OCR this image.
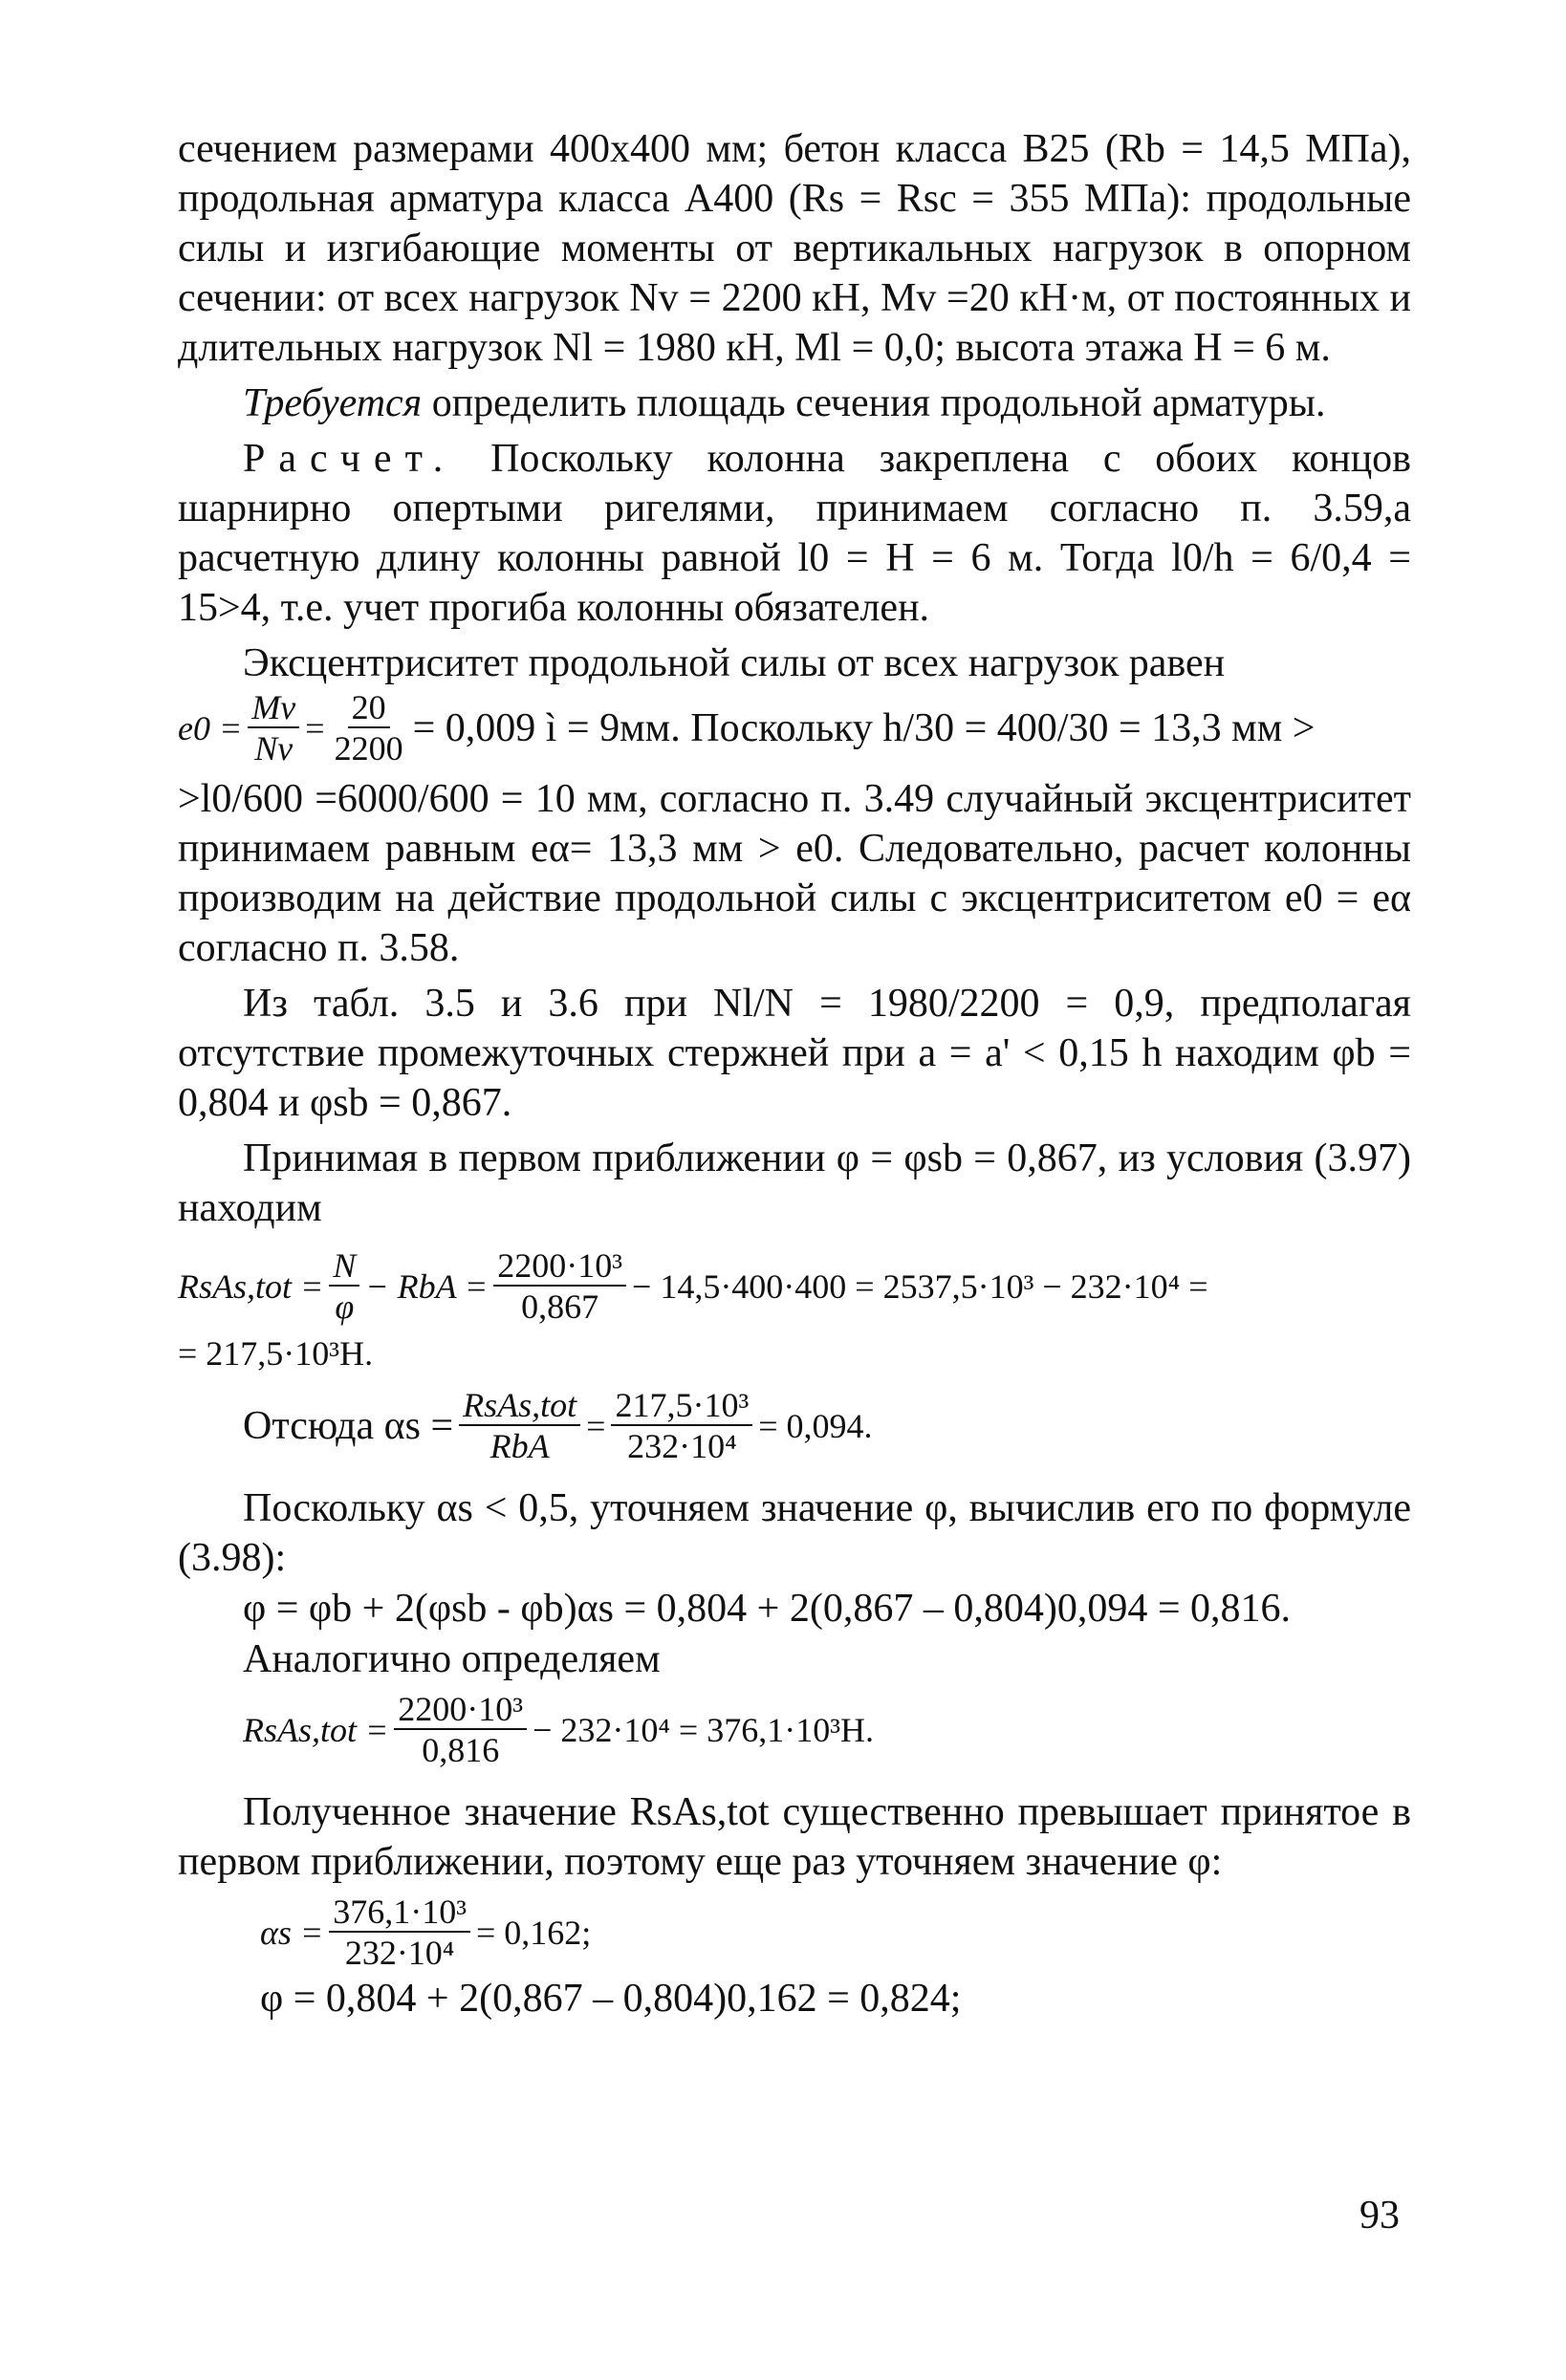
сечением размерами 400х400 мм; бетон класса В25 (Rb = 14,5 МПа), продольная арматура класса А400 (Rs = Rsc = 355 МПа): продольные силы и изгибающие моменты от вертикальных нагрузок в опорном сечении: от всех нагрузок Nv = 2200 кН, Mv =20 кН·м, от постоянных и длительных нагрузок Nl = 1980 кН, Ml = 0,0; высота этажа H = 6 м.

Требуется определить площадь сечения продольной арматуры.

Расчет. Поскольку колонна закреплена с обоих концов шарнирно опертыми ригелями, принимаем согласно п. 3.59,а расчетную длину колонны равной l0 = H = 6 м. Тогда l0/h = 6/0,4 = 15>4, т.е. учет прогиба колонны обязателен.

Эксцентриситет продольной силы от всех нагрузок равен

$e0 = \frac{Mv}{Nv} = \frac{20}{2200} = 0,009$ ì = 9мм. Поскольку h/30 = 400/30 = 13,3 мм >

>l0/600 =6000/600 = 10 мм, согласно п. 3.49 случайный эксцентриситет принимаем равным eα= 13,3 мм > e0. Следовательно, расчет колонны производим на действие продольной силы с эксцентриситетом e0 = eα согласно п. 3.58.

Из табл. 3.5 и 3.6 при Nl/N = 1980/2200 = 0,9, предполагая отсутствие промежуточных стержней при a = a' < 0,15 h находим φb = 0,804 и φsb = 0,867.

Принимая в первом приближении φ = φsb = 0,867, из условия (3.97) находим

RsAs,tot = $\frac{N}{\varphi}$ − RbA = $\frac{\text{2200·10³}}{0,867} - 14,5\cdot 400\cdot 400 = 2537,5\cdot 10^3 - 232\cdot 10^4$ =
= 217,5·10³Н.
Отсюда $\alpha s = \frac{\text{RsAs,tot}}{\text{RbA}} = \frac{\text{217,5·10³}}{\text{232·10⁴}} = 0,094$.

Поскольку αs < 0,5, уточняем значение φ, вычислив его по формуле (3.98):

φ = φb + 2(φsb - φb)αs = 0,804 + 2(0,867 – 0,804)0,094 = 0,816.

Аналогично определяем

RsAs,tot = $\frac{\text{2200·10³}}{0,816} - 232\cdot 10^4 = 376,1\cdot 10^3Н$.

Полученное значение RsAs,tot существенно превышает принятое в первом приближении, поэтому еще раз уточняем значение φ:

$\alpha s = \frac{\text{376,1·10³}}{\text{232·10⁴}} = 0,162$;

φ = 0,804 + 2(0,867 – 0,804)0,162 = 0,824;

93
